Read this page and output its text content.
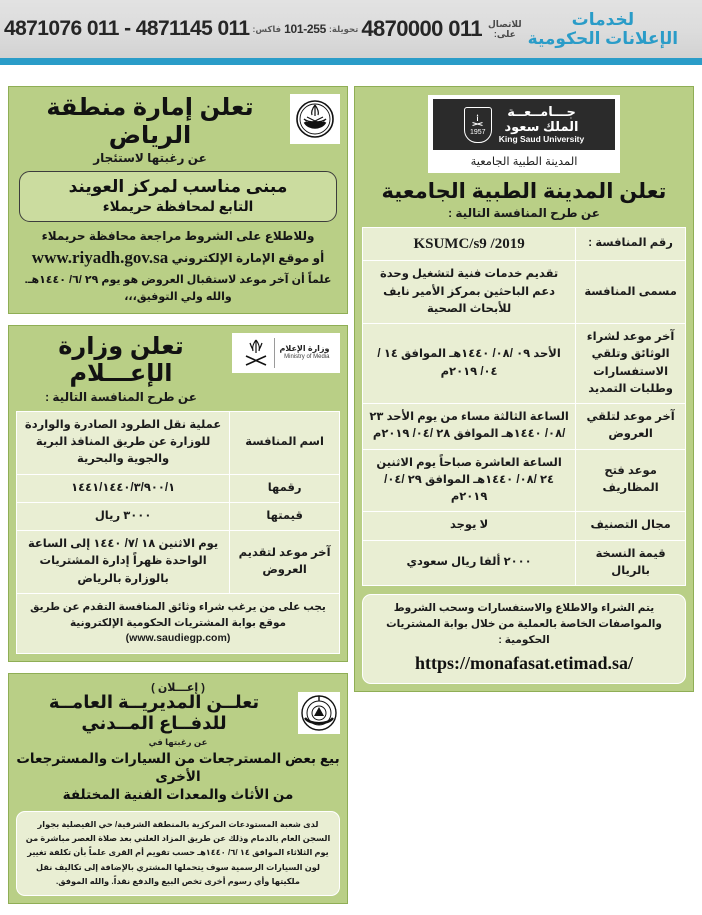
لخدمات
الإعلانات الحكومية
للاتصال
على:
011 4870000
تحويلة:
101-255
فاكس:
011 4871145 - 011 4871076
جـــامــعــة
الملك سعود
King Saud University
1957
المدينة الطبية الجامعية
تعلن المدينة الطبية الجامعية
عن طرح المنافسة التالية :
رقم المنافسة :	KSUMC/s9 /2019
مسمى المنافسة	تقديم خدمات فنية لتشغيل وحدة دعم الباحثين بمركز الأمير نايف للأبحاث الصحية
آخر موعد لشراء الوثائق وتلقي الاستفسارات وطلبات التمديد	الأحد ٠٩ /٠٨/ ١٤٤٠هـ الموافق ١٤ /٠٤/ ٢٠١٩م
آخر موعد لتلقي العروض	الساعة الثالثة مساء من يوم الأحد ٢٣ /٠٨/ ١٤٤٠هـ الموافق ٢٨ /٠٤/ ٢٠١٩م
موعد فتح المظاريف	الساعة العاشرة صباحاً يوم الاثنين ٢٤ /٠٨/ ١٤٤٠هـ الموافق ٢٩ /٠٤/ ٢٠١٩م
مجال التصنيف	لا يوجد
قيمة النسخة بالريال	٢٠٠٠ ألفا ريال سعودي
يتم الشراء والاطلاع والاستفسارات وسحب الشروط والمواصفات الخاصة بالعملية من خلال بوابة المشتريات الحكومية :
https://monafasat.etimad.sa/
تعلن إمارة منطقة الرياض
عن رغبتها لاستئجار
مبنى مناسب لمركز العويند
التابع لمحافظة حريملاء
وللاطلاع على الشروط مراجعة محافظة حريملاء
أو موقع الإمارة الإلكتروني www.riyadh.gov.sa
علماً أن آخر موعد لاستقبال العروض هو يوم ٢٩ /٦/ ١٤٤٠هـ.
والله ولي التوفيق،،،
وزارة الإعلام
Ministry of Media
تعلن وزارة الإعـــلام
عن طرح المنافسة التالية :
اسم المنافسة	عملية نقل الطرود الصادرة والواردة للوزارة عن طريق المنافذ البرية والجوية والبحرية
رقمها	١٤٤١/١٤٤٠/٣/٩٠٠/١
قيمتها	٣٠٠٠ ريال
آخر موعد لتقديم العروض	يوم الاثنين ١٨ /٧/ ١٤٤٠ إلى الساعة الواحدة ظهراً إدارة المشتريات بالوزارة بالرياض
يجب على من يرغب شراء وثائق المنافسة التقدم عن طريق موقع بوابة المشتريات الحكومية الإلكترونية (www.saudiegp.com)
( إعـــلان )
تعلــن المديريــة العامــة للدفــاع المــدني
عن رغبتها في
بيع بعض المسترجعات من السيارات والمسترجعات الأخرى
من الأثاث والمعدات الفنية المختلفة
لدى شعبة المستودعات المركزية بالمنطقة الشرقية/ حي الفيصلية بجوار السجن العام بالدمام وذلك عن طريق المزاد العلني بعد صلاة العصر مباشرة من يوم الثلاثاء الموافق ١٤ /٦/ ١٤٤٠هـ حسب تقويم أم القرى علماً بأن تكلفة تغيير لون السيارات الرسمية سوف يتحملها المشتري بالإضافة إلى تكاليف نقل ملكيتها وأي رسوم أخرى تخص البيع والدفع نقداً. والله الموفق.
